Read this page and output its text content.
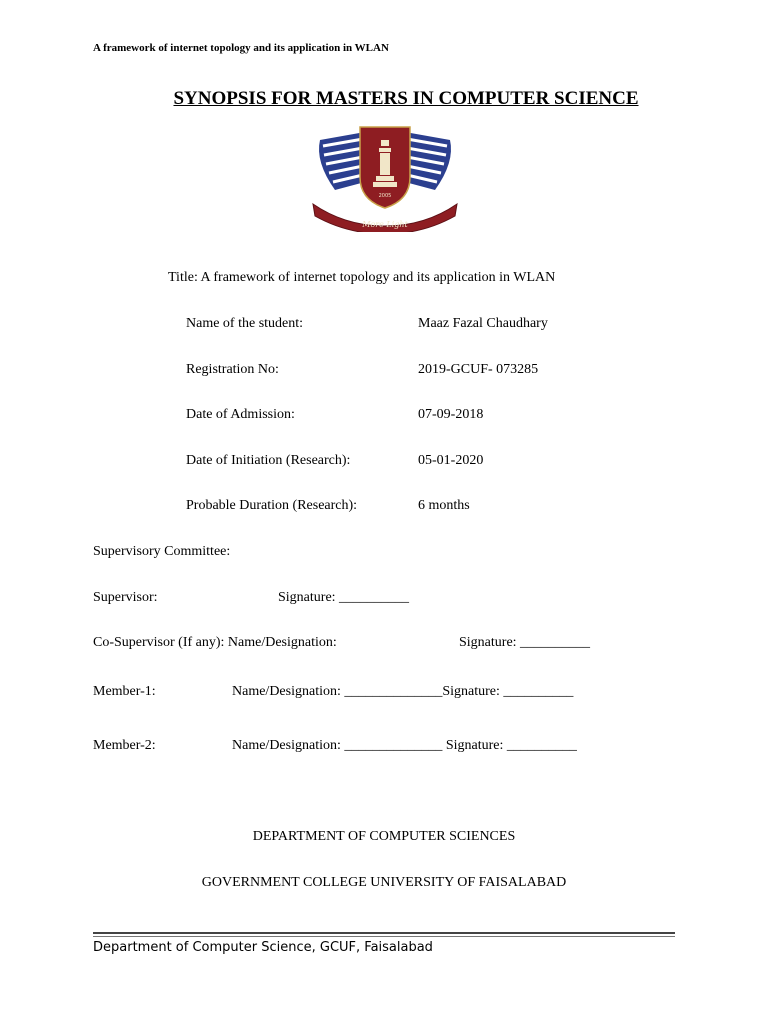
A framework of internet topology and its application in WLAN
SYNOPSIS FOR MASTERS IN COMPUTER SCIENCE
2005
More Light
Title: A framework of internet topology and its application in WLAN
Name of the student:	Maaz Fazal Chaudhary
Registration No:	2019-GCUF- 073285
Date of Admission:	07-09-2018
Date of Initiation (Research):	05-01-2020
Probable Duration (Research):	6 months
Supervisory Committee:
Supervisor:	Signature: __________
Co-Supervisor (If any): Name/Designation:	Signature: __________
Member-1:	Name/Designation: ______________Signature: __________
Member-2:	Name/Designation: ______________ Signature: __________
DEPARTMENT OF COMPUTER SCIENCES
GOVERNMENT COLLEGE UNIVERSITY OF FAISALABAD
Department of Computer Science, GCUF, Faisalabad
